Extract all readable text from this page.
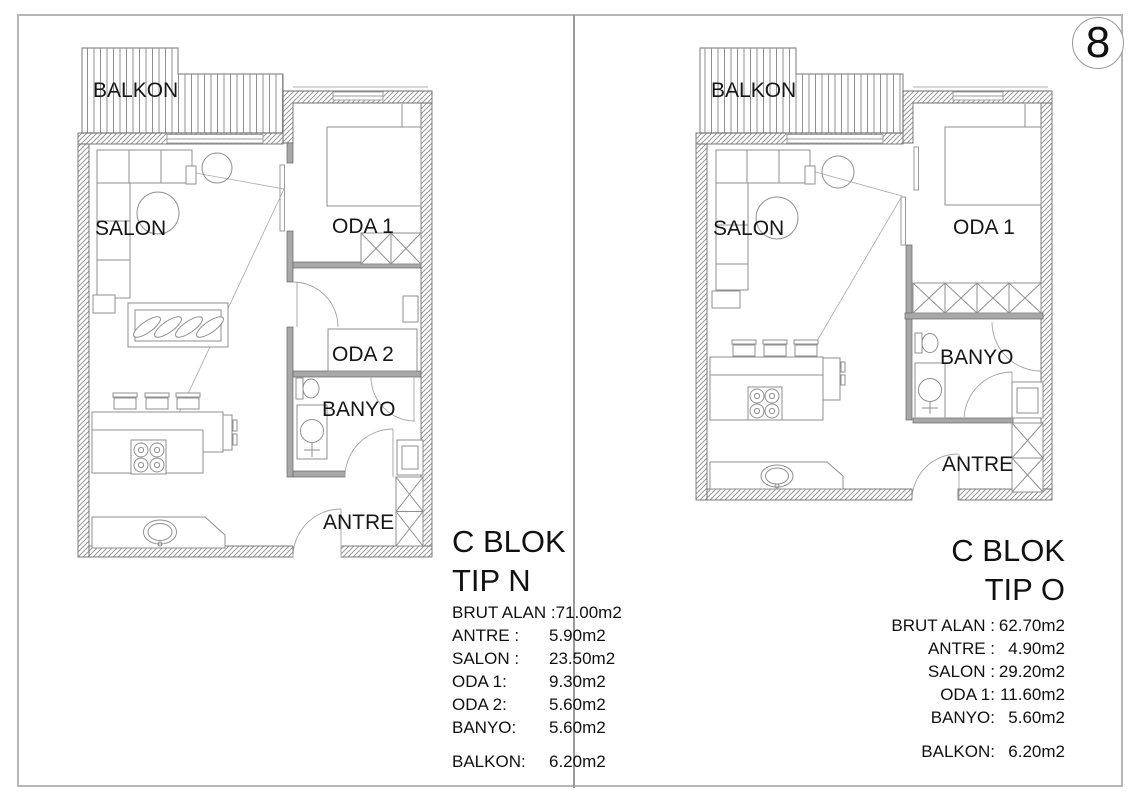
BALKON
SALON	ODA 1
ODA 2
BANYO
ANTRE
BALKON
SALON	ODA 1
BANYO
ANTRE
C BLOK
TIP N
BRUT ALAN :71.00m2
ANTRE : 5.90m2
SALON : 23.50m2
ODA 1: 9.30m2
ODA 2: 5.60m2
BANYO: 5.60m2
BALKON: 6.20m2
C BLOK
TIP O
BRUT ALAN : 62.70m2
ANTRE : 4.90m2
SALON : 29.20m2
ODA 1: 11.60m2
BANYO: 5.60m2
BALKON: 6.20m2
8
